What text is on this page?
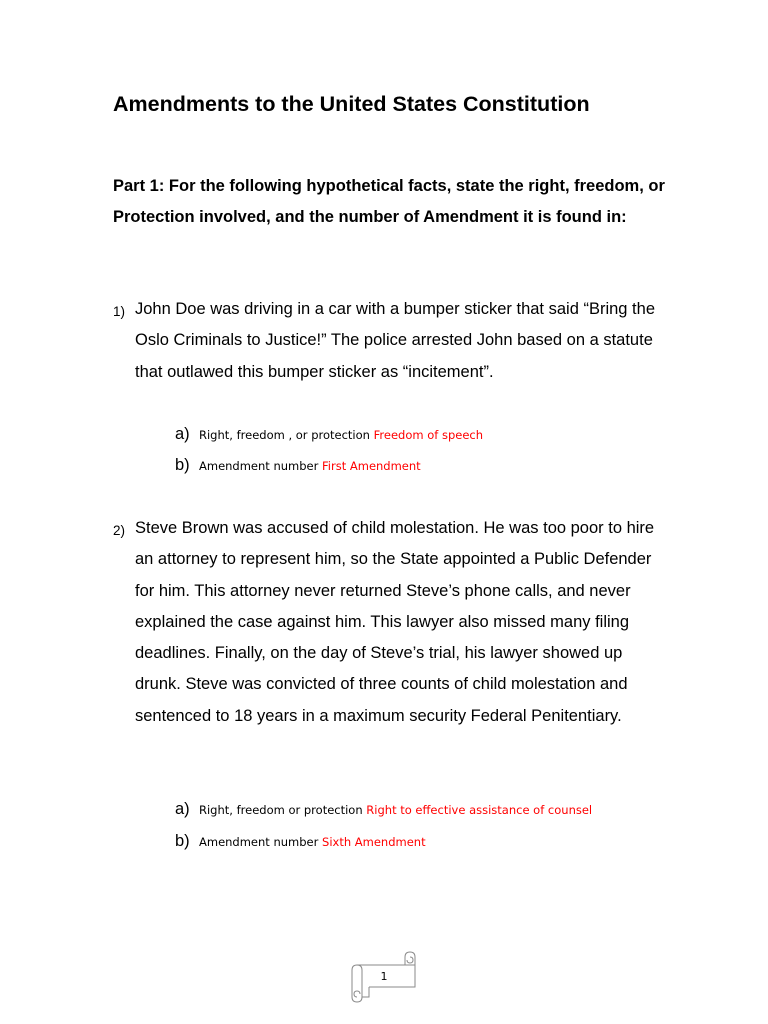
Amendments to the United States Constitution
Part 1: For the following hypothetical facts, state the right, freedom, or Protection involved, and the number of Amendment it is found in:
1) John Doe was driving in a car with a bumper sticker that said “Bring the Oslo Criminals to Justice!” The police arrested John based on a statute that outlawed this bumper sticker as “incitement”.
a) Right, freedom , or protection Freedom of speech
b) Amendment number First Amendment
2) Steve Brown was accused of child molestation. He was too poor to hire an attorney to represent him, so the State appointed a Public Defender for him. This attorney never returned Steve’s phone calls, and never explained the case against him. This lawyer also missed many filing deadlines. Finally, on the day of Steve’s trial, his lawyer showed up drunk. Steve was convicted of three counts of child molestation and sentenced to 18 years in a maximum security Federal Penitentiary.
a) Right, freedom or protection Right to effective assistance of counsel
b) Amendment number Sixth Amendment
1
